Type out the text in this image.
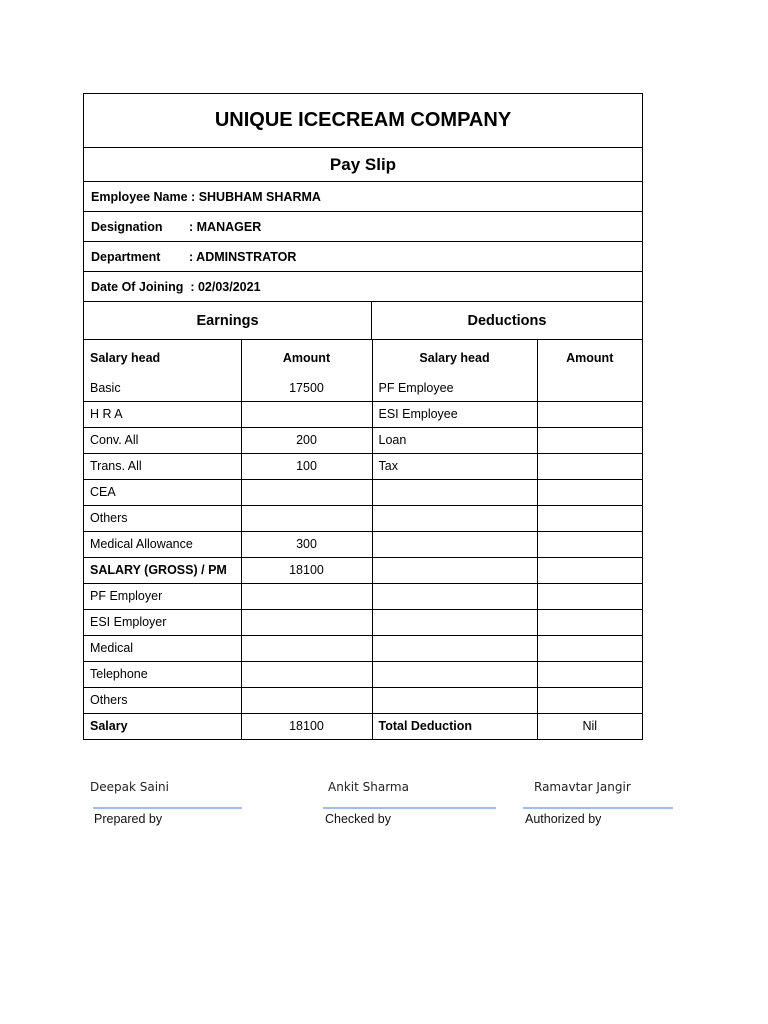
UNIQUE ICECREAM COMPANY
Pay Slip
Employee Name : SHUBHAM SHARMA
Designation	: MANAGER
Department	: ADMINSTRATOR
Date Of Joining : 02/03/2021
Earnings	Deductions
Salary head	Amount	Salary head	Amount
Basic	17500	PF Employee	
H R A		ESI Employee	
Conv. All	200	Loan	
Trans. All	100	Tax	
CEA			
Others			
Medical Allowance	300		
SALARY (GROSS) / PM	18100		
PF Employer			
ESI Employer			
Medical			
Telephone			
Others			
Salary	18100	Total Deduction	Nil
Deepak Saini
Prepared by
Ankit Sharma
Checked by
Ramavtar Jangir
Authorized by
